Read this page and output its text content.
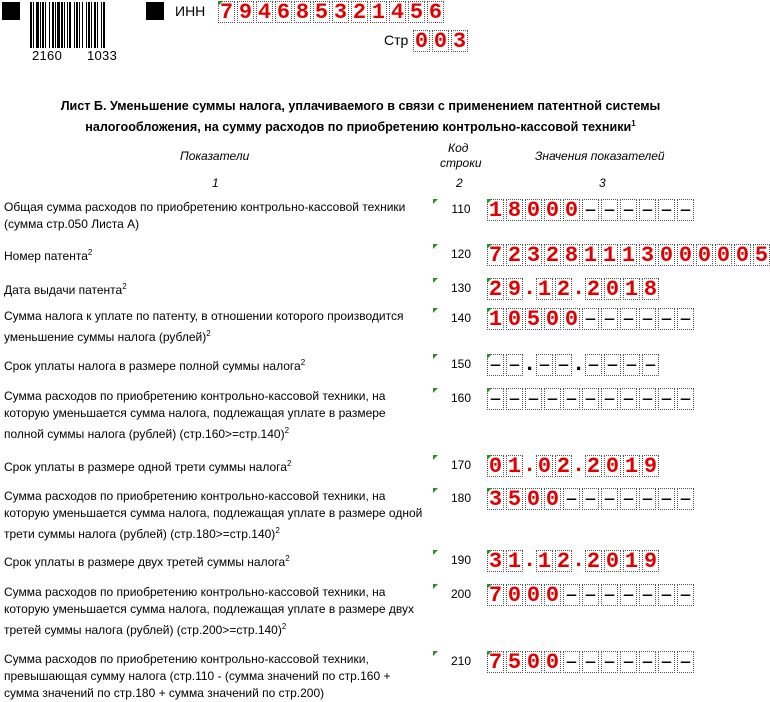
2160 1033
ИНН 7 9 4 6 8 5 3 2 1 4 5 6
Стр 0 0 3
Лист Б. Уменьшение суммы налога, уплачиваемого в связи с применением патентной системы
налогообложения, на сумму расходов по приобретению контрольно-кассовой техники$^1$
Показатели
Код
строки	Значения показателей
1	2	3
Общая сумма расходов по приобретению контрольно-кассовой техники
(сумма стр.050 Листа А)
110 1 8 0 0 0 – – – – – –
Номер патента$^2$	120 7 2 3 2 8 1 1 1 3 0 0 0 0 0 5
Дата выдачи патента$^2$	130 2 9 . 1 2 . 2 0 1 8
Сумма налога к уплате по патенту, в отношении которого производится
уменьшение суммы налога (рублей)$^2$
140 1 0 5 0 0 – – – – – –
Срок уплаты налога в размере полной суммы налога$^2$	150 – – . – – . – – – –
Сумма расходов по приобретению контрольно-кассовой техники, на
которую уменьшается сумма налога, подлежащая уплате в размере
полной суммы налога (рублей) (стр.160>=стр.140)$^2$
160 – – – – – – – – – – –
Срок уплаты в размере одной трети суммы налога$^2$	170 0 1 . 0 2 . 2 0 1 9
Сумма расходов по приобретению контрольно-кассовой техники, на
которую уменьшается сумма налога, подлежащая уплате в размере одной
трети суммы налога (рублей) (стр.180>=стр.140)$^2$
180 3 5 0 0 – – – – – – –
Срок уплаты в размере двух третей суммы налога$^2$	190 3 1 . 1 2 . 2 0 1 9
Сумма расходов по приобретению контрольно-кассовой техники, на
которую уменьшается сумма налога, подлежащая уплате в размере двух
третей суммы налога (рублей) (стр.200>=стр.140)$^2$
200 7 0 0 0 – – – – – – –
Сумма расходов по приобретению контрольно-кассовой техники,
превышающая сумму налога (стр.110 - (сумма значений по стр.160 +
сумма значений по стр.180 + сумма значений по стр.200)
210 7 5 0 0 – – – – – – –
